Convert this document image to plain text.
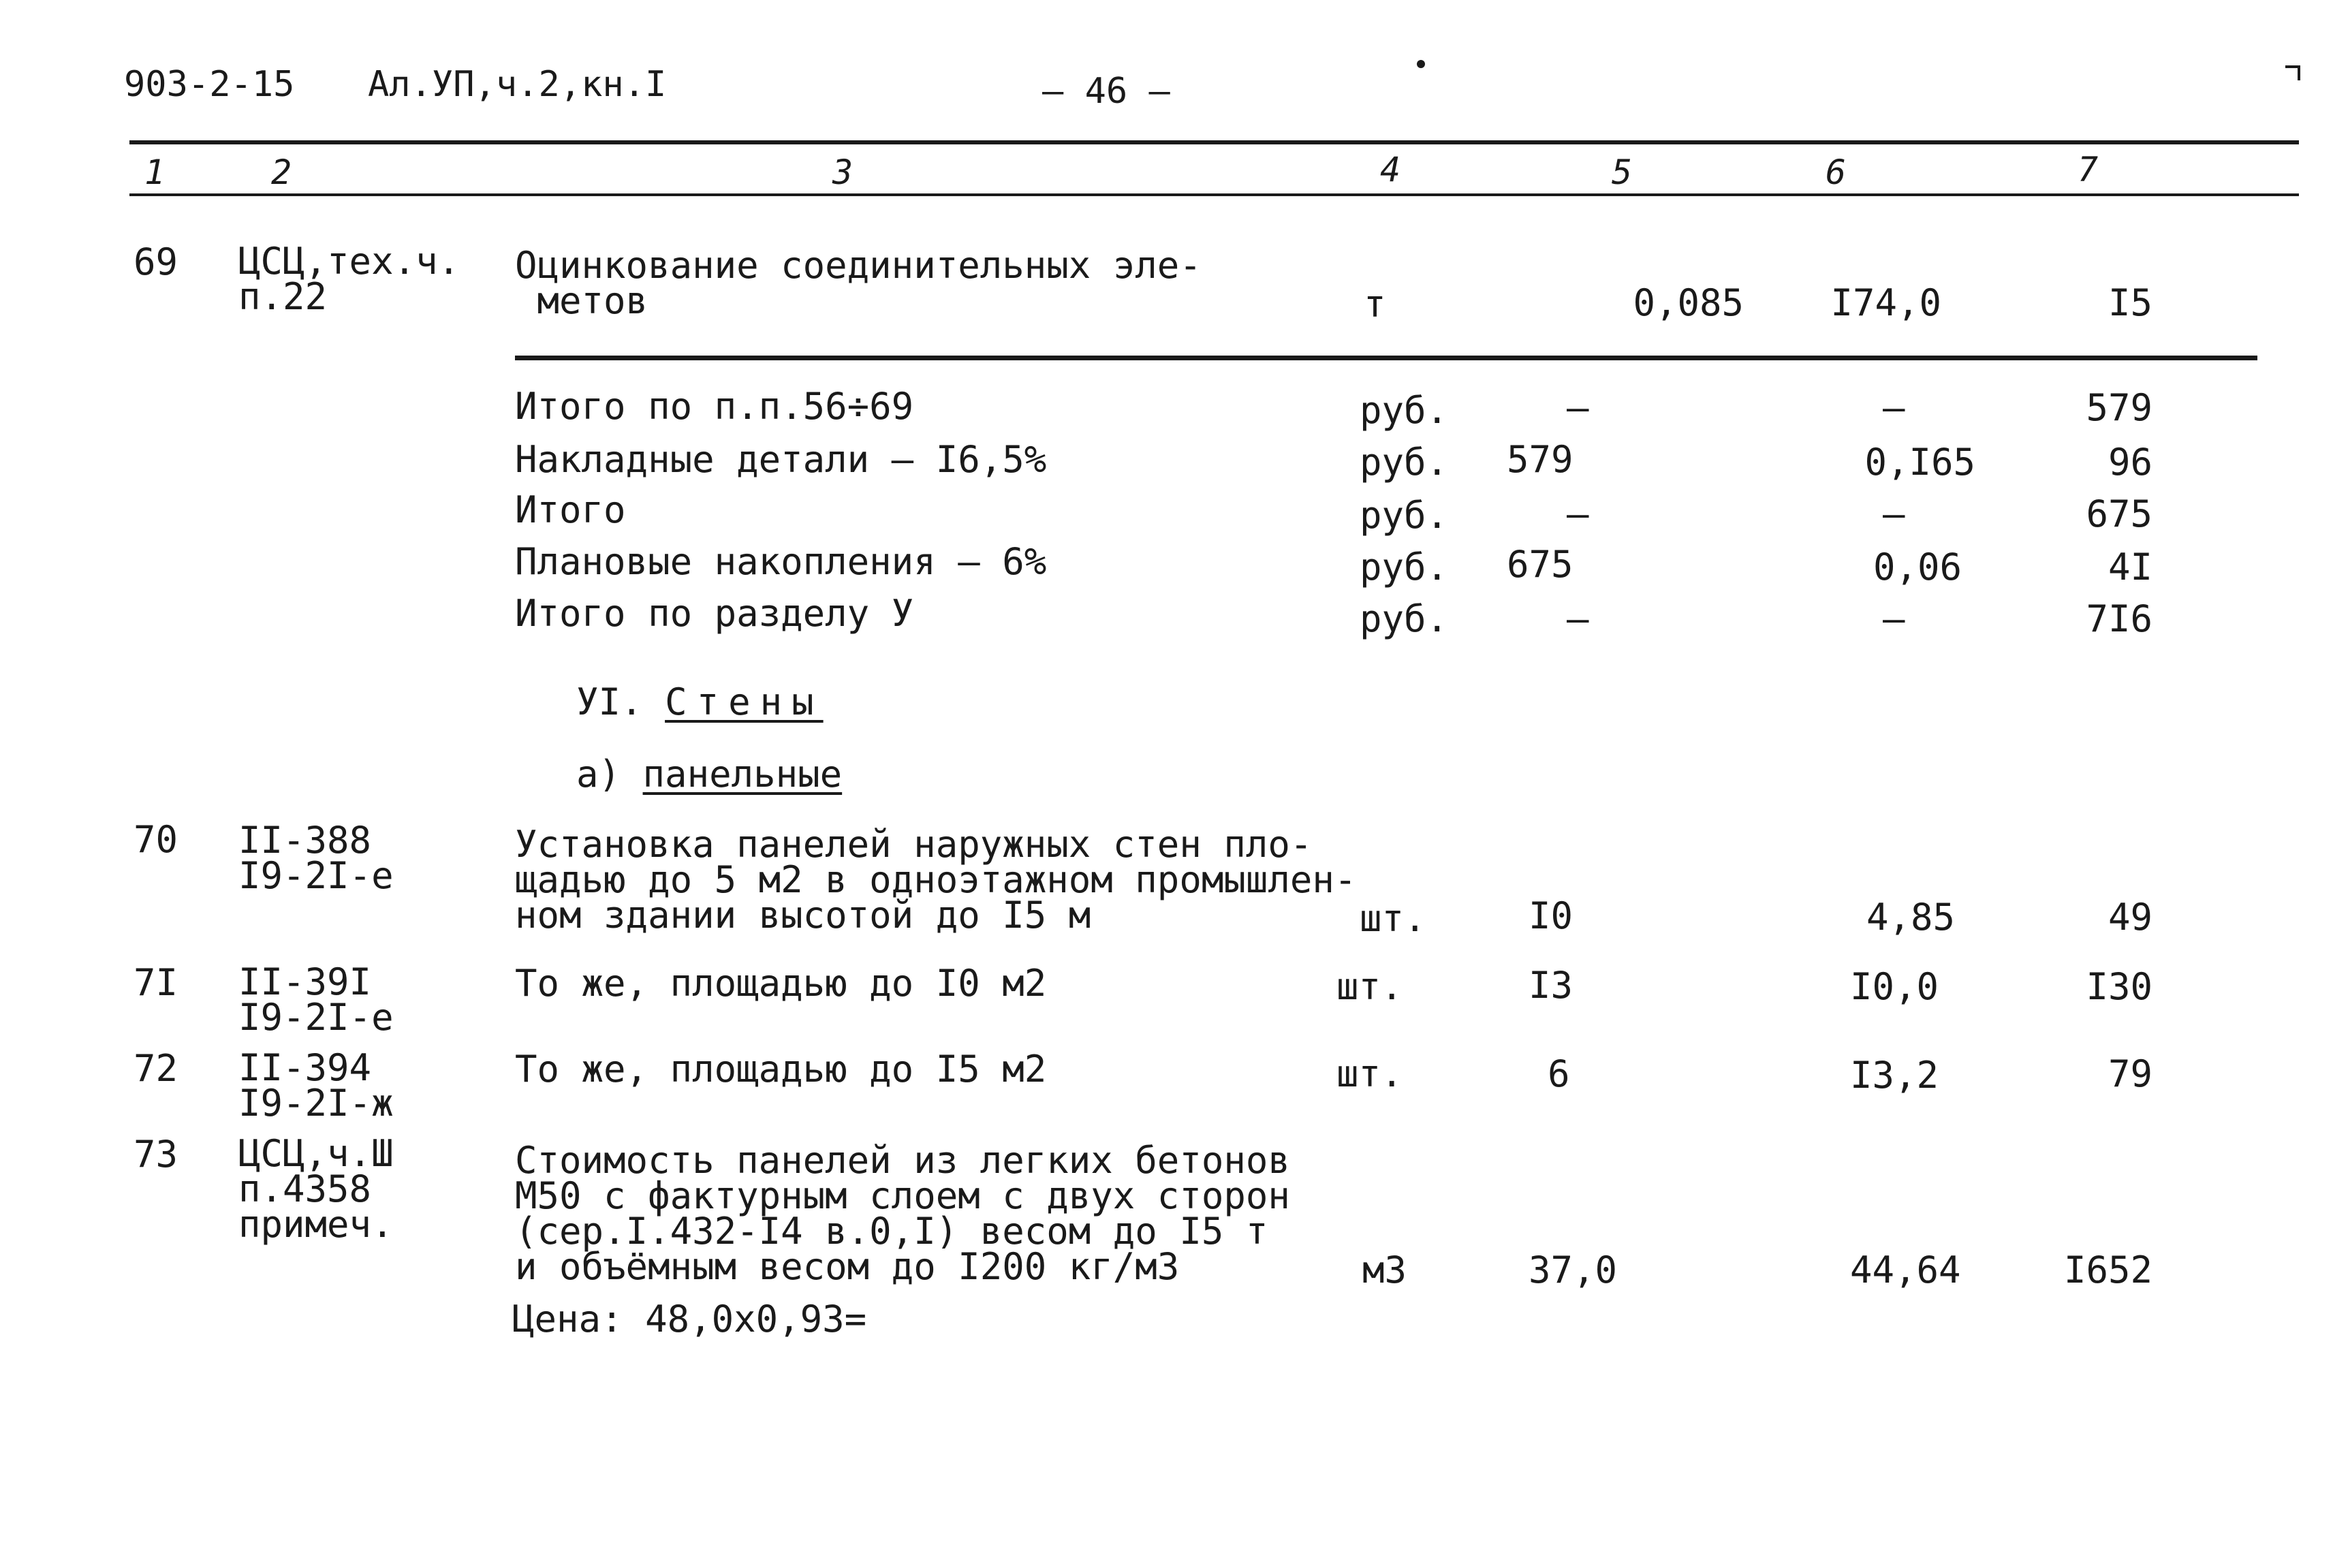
903-2-15 Ал.УП,ч.2,кн.I	— 46 —
1	2	3	4	5	6	7
69 ЦСЦ,тех.ч.
п.22
Оцинкование соединительных эле-
метов	т	0,085	I74,0	I5
Итого по п.п.56÷69	руб.	–	–	579
Накладные детали – I6,5%	руб. 579	0,I65	96
Итого	руб.	–	–	675
Плановые накопления – 6%	руб. 675	0,06	4I
Итого по разделу У	руб.	–	–	7I6
УI. Стены
а) панельные
70 II-388
I9-2I-е
Установка панелей наружных стен пло-
щадью до 5 м2 в одноэтажном промышлен-
ном здании высотой до I5 м	шт.	I0	4,85	49
7I II-39I
I9-2I-е
То же, площадью до I0 м2	шт.	I3	I0,0	I30
72 II-394
I9-2I-ж
То же, площадью до I5 м2	шт.	6	I3,2	79
73 ЦСЦ,ч.Ш
п.4358
примеч.
Стоимость панелей из легких бетонов
М50 с фактурным слоем с двух сторон
(сер.I.432-I4 в.0,I) весом до I5 т
и объёмным весом до I200 кг/м3	м3	37,0	44,64	I652
Цена: 48,0х0,93=
